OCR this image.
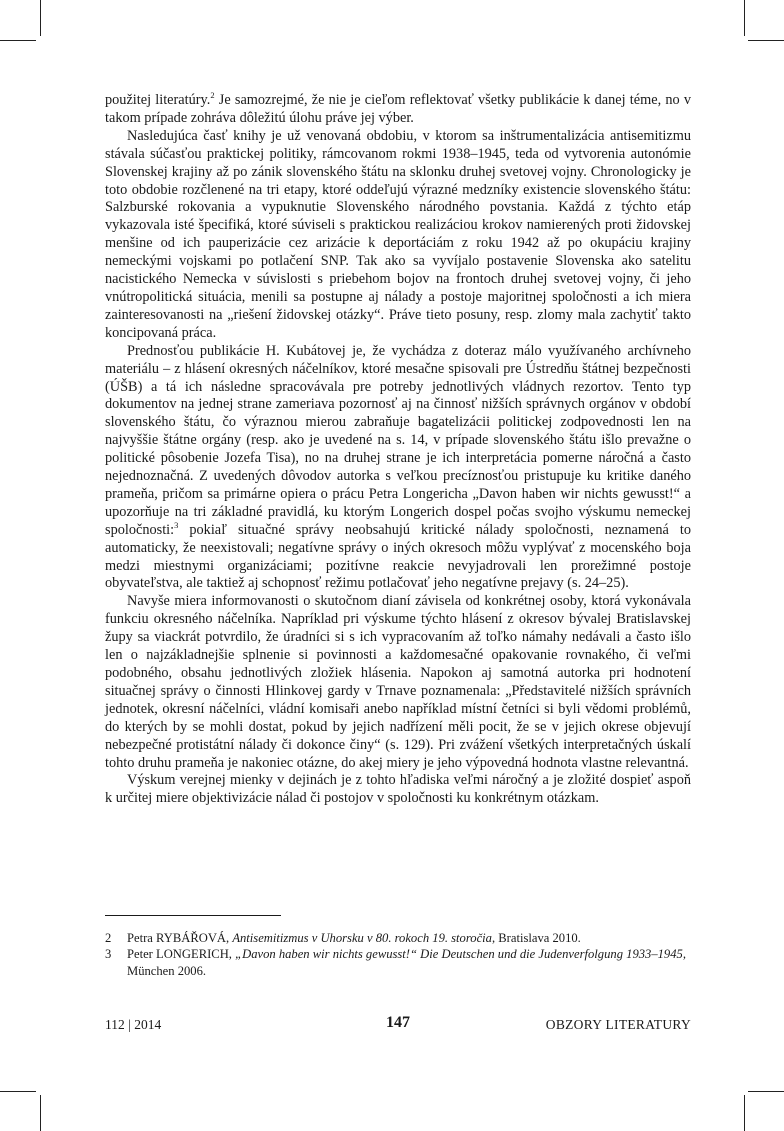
použitej literatúry.$^2$ Je samozrejmé, že nie je cieľom reflektovať všetky publikácie k danej téme, no v takom prípade zohráva dôležitú úlohu práve jej výber.

Nasledujúca časť knihy je už venovaná obdobiu, v ktorom sa inštrumentalizácia antisemitizmu stávala súčasťou praktickej politiky, rámcovanom rokmi 1938–1945, teda od vytvorenia autonómie Slovenskej krajiny až po zánik slovenského štátu na sklonku druhej svetovej vojny. Chronologicky je toto obdobie rozčlenené na tri etapy, ktoré oddeľujú výrazné medzníky existencie slovenského štátu: Salzburské rokovania a vypuknutie Slovenského národného povstania. Každá z týchto etáp vykazovala isté špecifiká, ktoré súviseli s praktickou realizáciou krokov namierených proti židovskej menšine od ich pauperizácie cez arizácie k deportáciám z roku 1942 až po okupáciu krajiny nemeckými vojskami po potlačení SNP. Tak ako sa vyvíjalo postavenie Slovenska ako satelitu nacistického Nemecka v súvislosti s priebehom bojov na frontoch druhej svetovej vojny, či jeho vnútropolitická situácia, menili sa postupne aj nálady a postoje majoritnej spoločnosti a ich miera zainteresovanosti na „riešení židovskej otázky“. Práve tieto posuny, resp. zlomy mala zachytiť takto koncipovaná práca.

Prednosťou publikácie H. Kubátovej je, že vychádza z doteraz málo využívaného archívneho materiálu – z hlásení okresných náčelníkov, ktoré mesačne spisovali pre Ústredňu štátnej bezpečnosti (ÚŠB) a tá ich následne spracovávala pre potreby jednotlivých vládnych rezortov. Tento typ dokumentov na jednej strane zameriava pozornosť aj na činnosť nižších správnych orgánov v období slovenského štátu, čo výraznou mierou zabraňuje bagatelizácii politickej zodpovednosti len na najvyššie štátne orgány (resp. ako je uvedené na s. 14, v prípade slovenského štátu išlo prevažne o politické pôsobenie Jozefa Tisa), no na druhej strane je ich interpretácia pomerne náročná a často nejednoznačná. Z uvedených dôvodov autorka s veľkou precíznosťou pristupuje ku kritike daného prameňa, pričom sa primárne opiera o prácu Petra Longericha „Davon haben wir nichts gewusst!“ a upozorňuje na tri základné pravidlá, ku ktorým Longerich dospel počas svojho výskumu nemeckej spoločnosti:$^3$ pokiaľ situačné správy neobsahujú kritické nálady spoločnosti, neznamená to automaticky, že neexistovali; negatívne správy o iných okresoch môžu vyplývať z mocenského boja medzi miestnymi organizáciami; pozitívne reakcie nevyjadrovali len prorežimné postoje obyvateľstva, ale taktiež aj schopnosť režimu potlačovať jeho negatívne prejavy (s. 24–25).

Navyše miera informovanosti o skutočnom dianí závisela od konkrétnej osoby, ktorá vykonávala funkciu okresného náčelníka. Napríklad pri výskume týchto hlásení z okresov bývalej Bratislavskej župy sa viackrát potvrdilo, že úradníci si s ich vypracovaním až toľko námahy nedávali a často išlo len o najzákladnejšie splnenie si povinnosti a každomesačné opakovanie rovnakého, či veľmi podobného, obsahu jednotlivých zložiek hlásenia. Napokon aj samotná autorka pri hodnotení situačnej správy o činnosti Hlinkovej gardy v Trnave poznamenala: „Představitelé nižších správních jednotek, okresní náčelníci, vládní komisaři anebo například místní četníci si byli vědomi problémů, do kterých by se mohli dostat, pokud by jejich nadřízení měli pocit, že se v jejich okrese objevují nebezpečné protistátní nálady či dokonce činy“ (s. 129). Pri zvážení všetkých interpretačných úskalí tohto druhu prameňa je nakoniec otázne, do akej miery je jeho výpovedná hodnota vlastne relevantná.

Výskum verejnej mienky v dejinách je z tohto hľadiska veľmi náročný a je zložité dospieť aspoň k určitej miere objektivizácie nálad či postojov v spoločnosti ku konkrétnym otázkam.

2	Petra RYBÁŘOVÁ, Antisemitizmus v Uhorsku v 80. rokoch 19. storočia, Bratislava 2010.
3	Peter LONGERICH, „Davon haben wir nichts gewusst!“ Die Deutschen und die Judenverfolgung 1933–1945, München 2006.
112 | 2014	147	OBZORY LITERATURY
